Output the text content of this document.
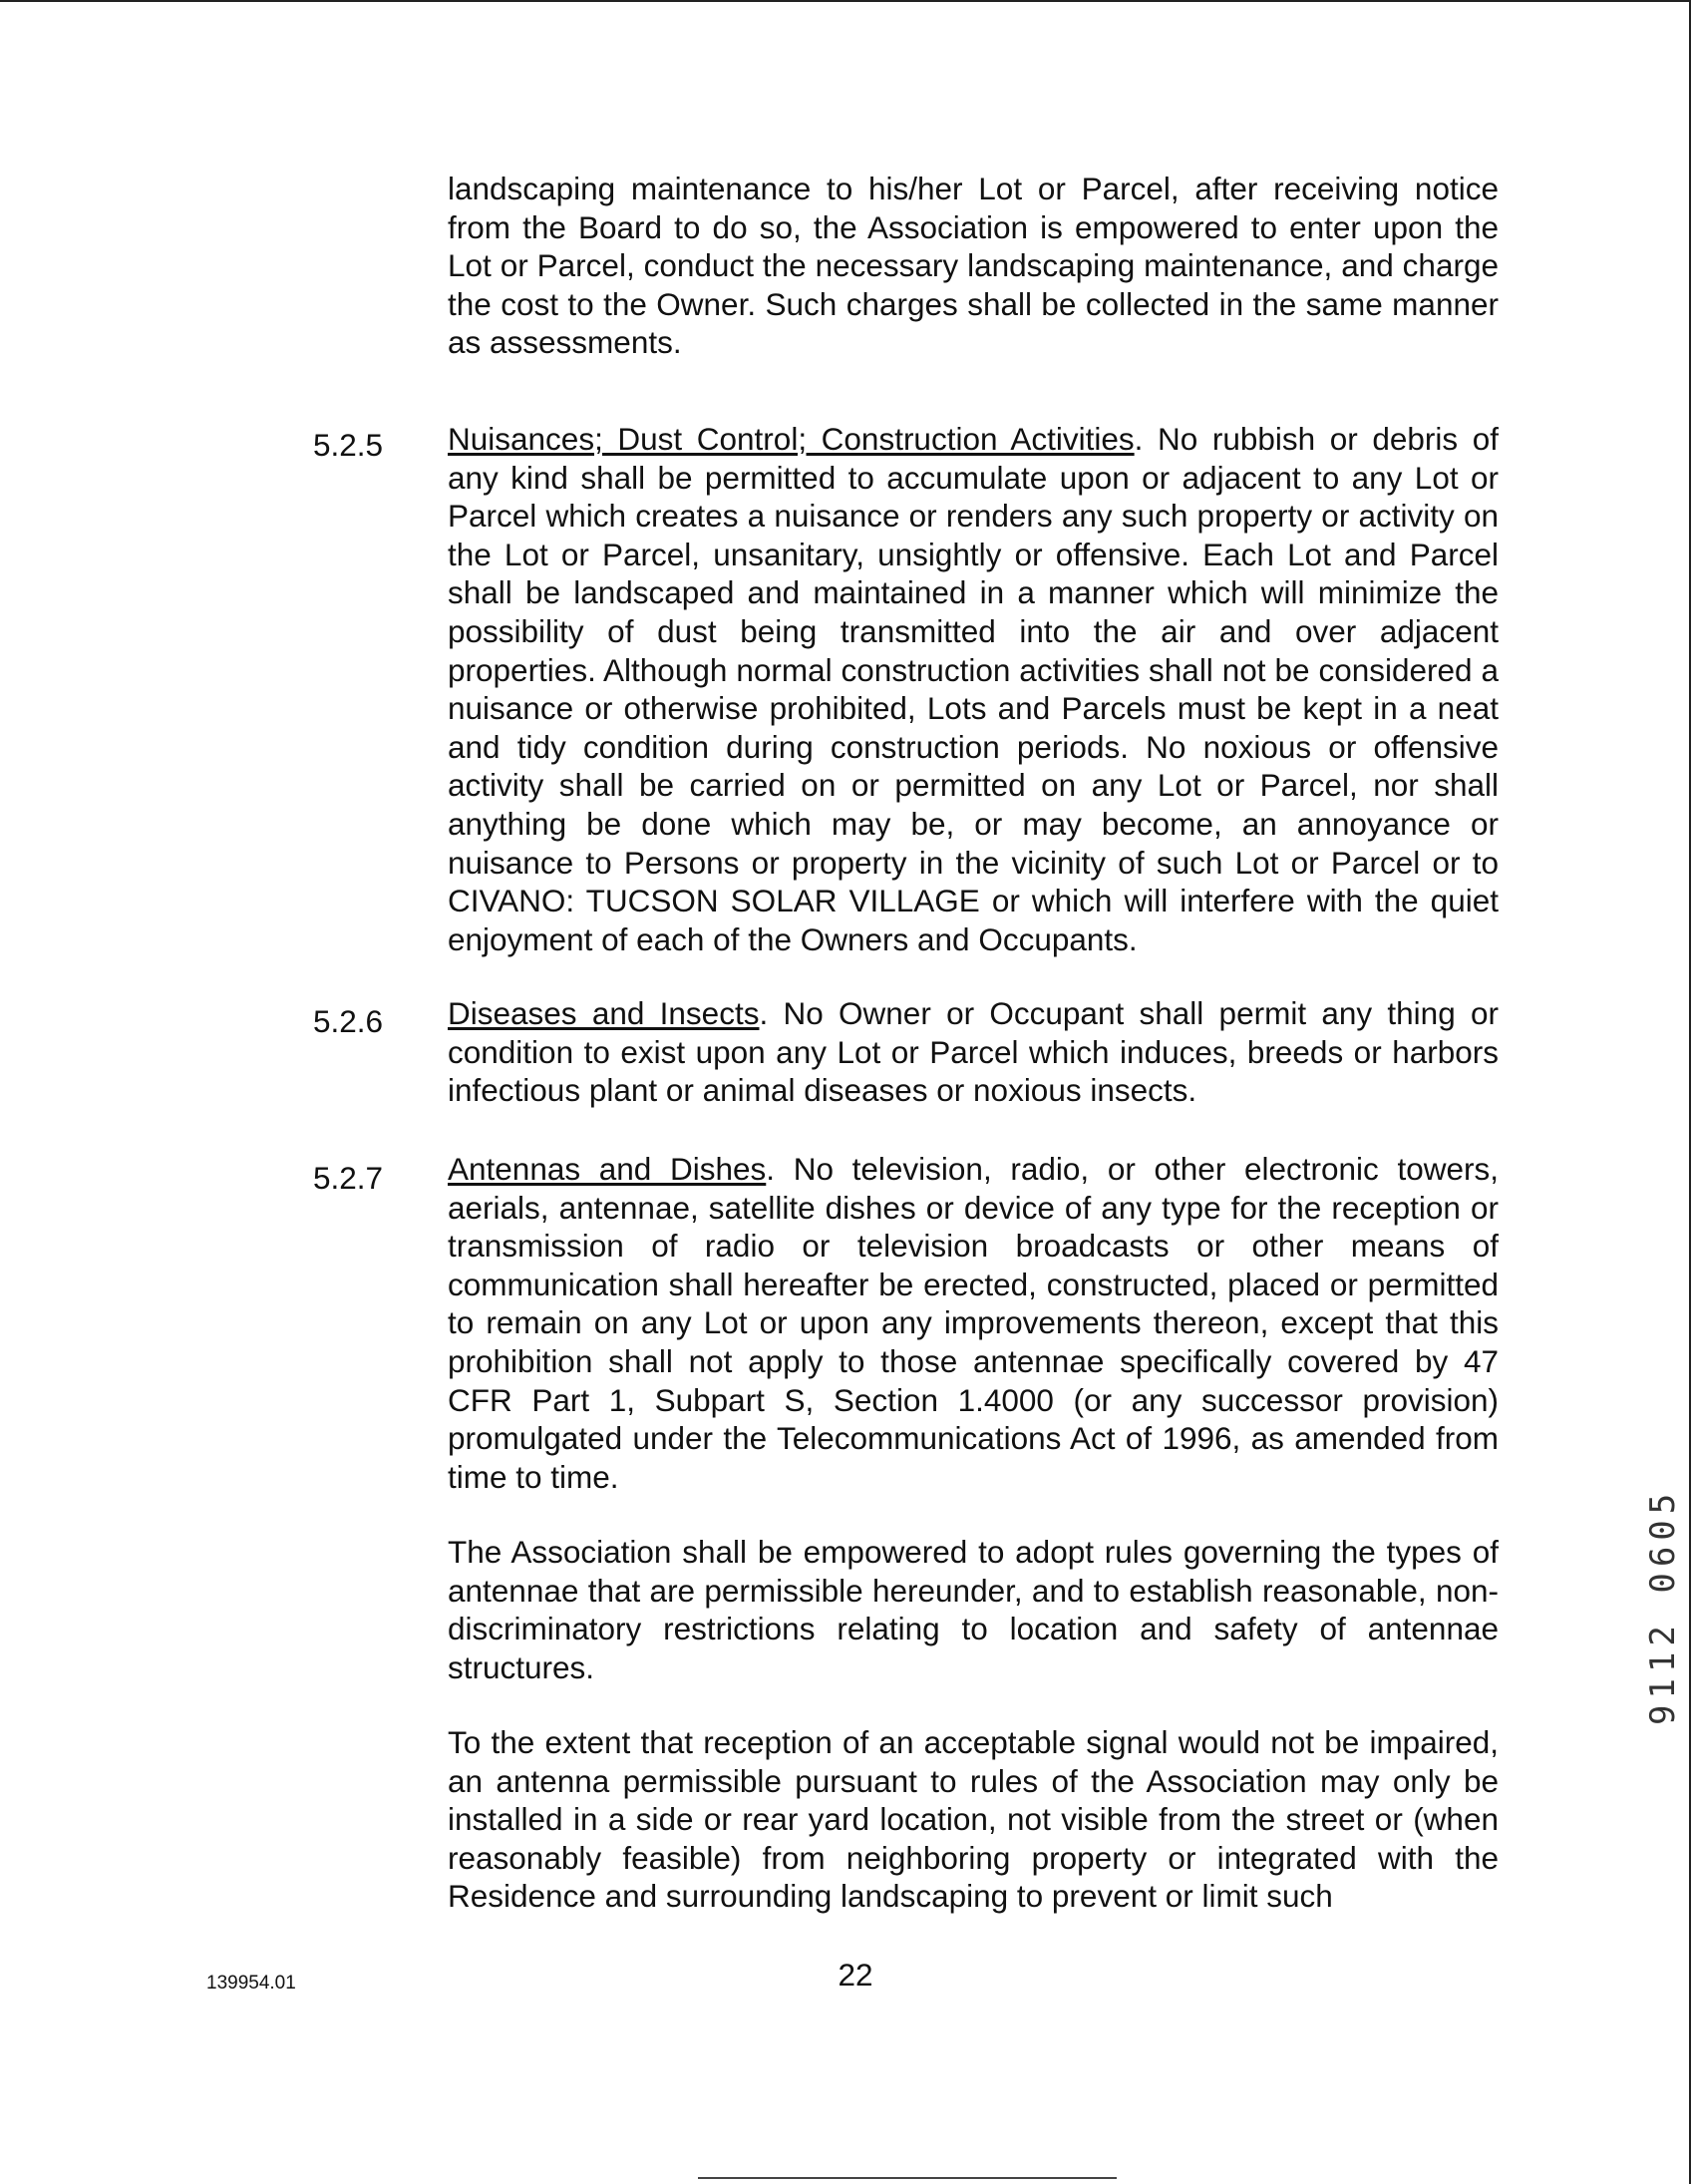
landscaping maintenance to his/her Lot or Parcel, after receiving notice from the Board to do so, the Association is empowered to enter upon the Lot or Parcel, conduct the necessary landscaping maintenance, and charge the cost to the Owner. Such charges shall be collected in the same manner as assessments.

5.2.5 Nuisances; Dust Control; Construction Activities. No rubbish or debris of any kind shall be permitted to accumulate upon or adjacent to any Lot or Parcel which creates a nuisance or renders any such property or activity on the Lot or Parcel, unsanitary, unsightly or offensive. Each Lot and Parcel shall be landscaped and maintained in a manner which will minimize the possibility of dust being transmitted into the air and over adjacent properties. Although normal construction activities shall not be considered a nuisance or otherwise prohibited, Lots and Parcels must be kept in a neat and tidy condition during construction periods. No noxious or offensive activity shall be carried on or permitted on any Lot or Parcel, nor shall anything be done which may be, or may become, an annoyance or nuisance to Persons or property in the vicinity of such Lot or Parcel or to CIVANO: TUCSON SOLAR VILLAGE or which will interfere with the quiet enjoyment of each of the Owners and Occupants.

5.2.6 Diseases and Insects. No Owner or Occupant shall permit any thing or condition to exist upon any Lot or Parcel which induces, breeds or harbors infectious plant or animal diseases or noxious insects.

5.2.7 Antennas and Dishes. No television, radio, or other electronic towers, aerials, antennae, satellite dishes or device of any type for the reception or transmission of radio or television broadcasts or other means of communication shall hereafter be erected, constructed, placed or permitted to remain on any Lot or upon any improvements thereon, except that this prohibition shall not apply to those antennae specifically covered by 47 CFR Part 1, Subpart S, Section 1.4000 (or any successor provision) promulgated under the Telecommunications Act of 1996, as amended from time to time.

The Association shall be empowered to adopt rules governing the types of antennae that are permissible hereunder, and to establish reasonable, non-discriminatory restrictions relating to location and safety of antennae structures.

To the extent that reception of an acceptable signal would not be impaired, an antenna permissible pursuant to rules of the Association may only be installed in a side or rear yard location, not visible from the street or (when reasonably feasible) from neighboring property or integrated with the Residence and surrounding landscaping to prevent or limit such

139954.01	22
9112 0605
